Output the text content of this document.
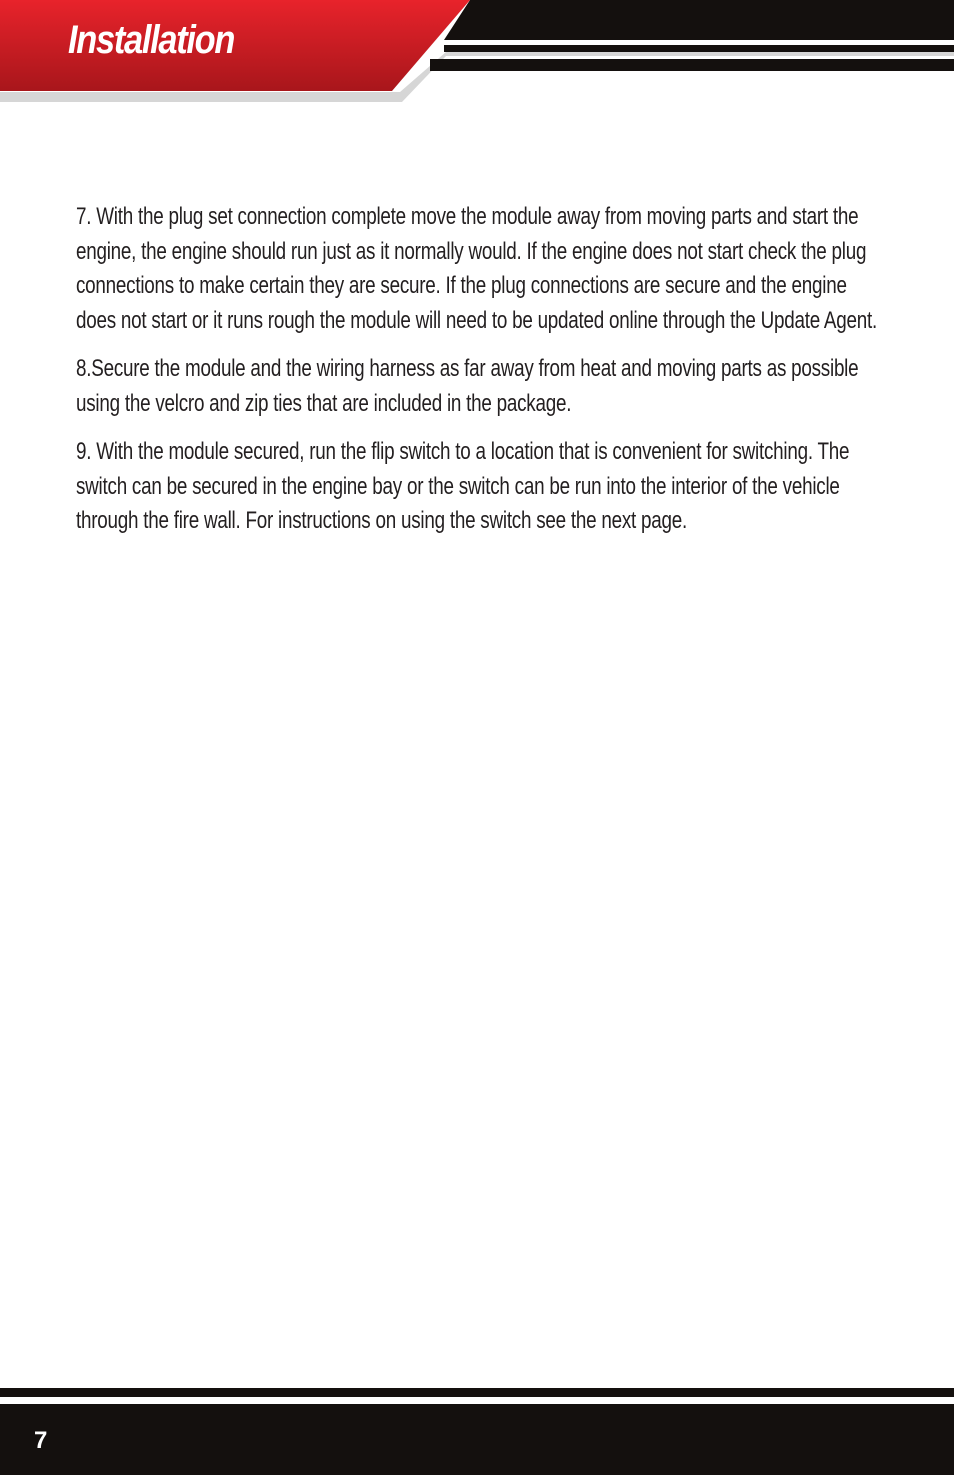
Installation

7. With the plug set connection complete move the module away from moving parts and start the engine, the engine should run just as it normally would. If the engine does not start check the plug connections to make certain they are secure. If the plug connections are secure and the engine does not start or it runs rough the module will need to be updated online through the Update Agent.

8.Secure the module and the wiring harness as far away from heat and moving parts as possible using the velcro and zip ties that are included in the package.

9. With the module secured, run the flip switch to a location that is convenient for switching. The switch can be secured in the engine bay or the switch can be run into the interior of the vehicle through the fire wall. For instructions on using the switch see the next page.

7
